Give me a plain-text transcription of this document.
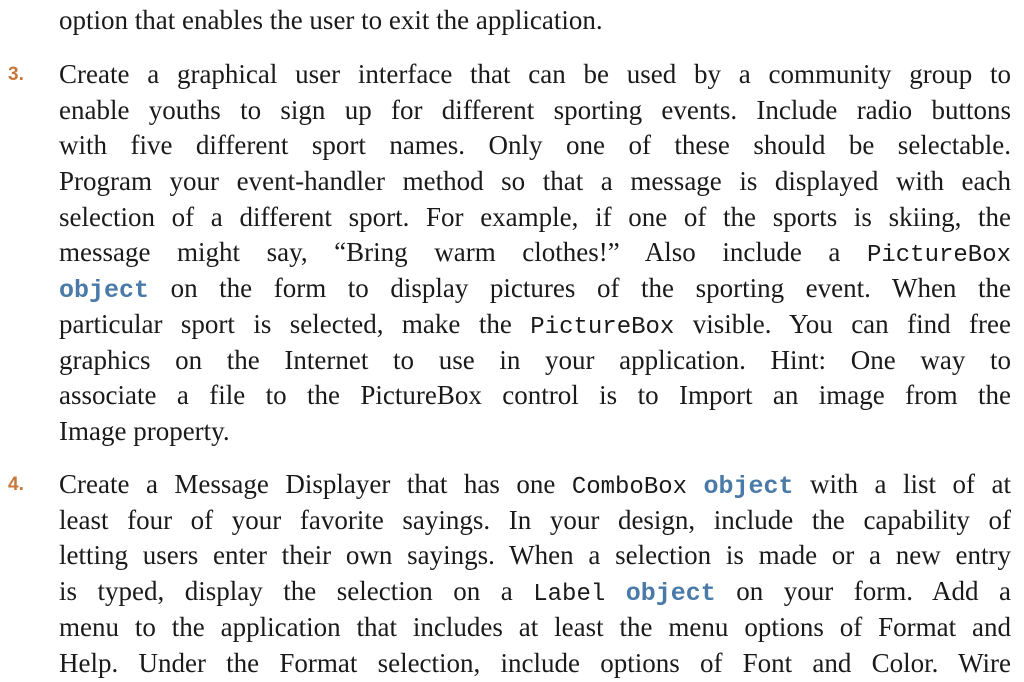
option that enables the user to exit the application.
3. Create a graphical user interface that can be used by a community group to
enable youths to sign up for different sporting events. Include radio buttons
with five different sport names. Only one of these should be selectable.
Program your event-handler method so that a message is displayed with each
selection of a different sport. For example, if one of the sports is skiing, the
message might say, “Bring warm clothes!” Also include a PictureBox
object on the form to display pictures of the sporting event. When the
particular sport is selected, make the PictureBox visible. You can find free
graphics on the Internet to use in your application. Hint: One way to
associate a file to the PictureBox control is to Import an image from the
Image property.
4. Create a Message Displayer that has one ComboBox object with a list of at
least four of your favorite sayings. In your design, include the capability of
letting users enter their own sayings. When a selection is made or a new entry
is typed, display the selection on a Label object on your form. Add a
menu to the application that includes at least the menu options of Format and
Help. Under the Format selection, include options of Font and Color. Wire
